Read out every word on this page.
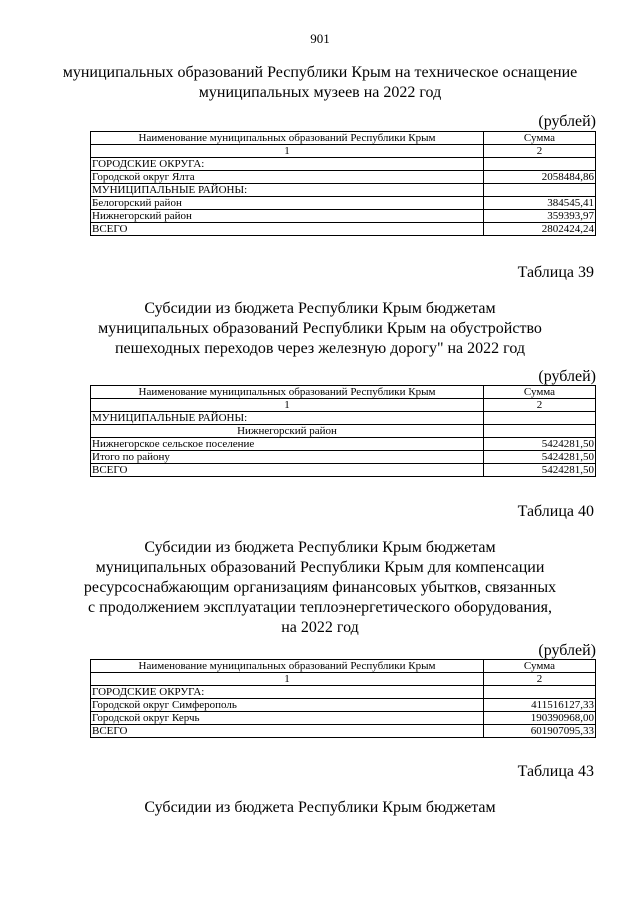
901
муниципальных образований Республики Крым на техническое оснащение
муниципальных музеев на 2022 год
(рублей)
Наименование муниципальных образований Республики Крым	Сумма
1	2
ГОРОДСКИЕ ОКРУГА:	
Городской округ Ялта	2058484,86
МУНИЦИПАЛЬНЫЕ РАЙОНЫ:	
Белогорский район	384545,41
Нижнегорский район	359393,97
ВСЕГО	2802424,24
Таблица 39
Субсидии из бюджета Республики Крым бюджетам
муниципальных образований Республики Крым на обустройство
пешеходных переходов через железную дорогу" на 2022 год
(рублей)
Наименование муниципальных образований Республики Крым	Сумма
1	2
МУНИЦИПАЛЬНЫЕ РАЙОНЫ:	
Нижнегорский район	
Нижнегорское сельское поселение	5424281,50
Итого по району	5424281,50
ВСЕГО	5424281,50
Таблица 40
Субсидии из бюджета Республики Крым бюджетам
муниципальных образований Республики Крым для компенсации
ресурсоснабжающим организациям финансовых убытков, связанных
с продолжением эксплуатации теплоэнергетического оборудования,
на 2022 год
(рублей)
Наименование муниципальных образований Республики Крым	Сумма
1	2
ГОРОДСКИЕ ОКРУГА:	
Городской округ Симферополь	411516127,33
Городской округ Керчь	190390968,00
ВСЕГО	601907095,33
Таблица 43
Субсидии из бюджета Республики Крым бюджетам
